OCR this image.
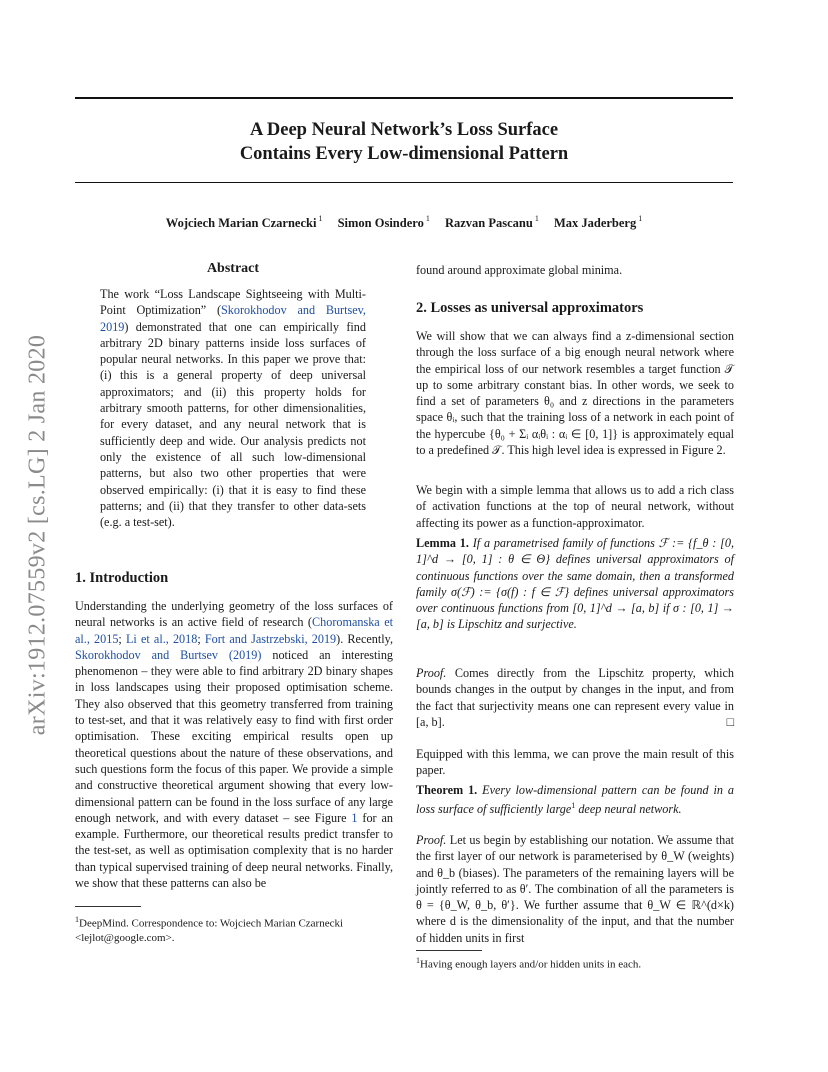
A Deep Neural Network’s Loss Surface
Contains Every Low-dimensional Pattern
Wojciech Marian Czarnecki $^1$ Simon Osindero $^1$ Razvan Pascanu $^1$ Max Jaderberg $^1$
arXiv:1912.07559v2 [cs.LG] 2 Jan 2020
Abstract

The work “Loss Landscape Sightseeing with Multi-Point Optimization” (Skorokhodov and Burtsev, 2019) demonstrated that one can empirically find arbitrary 2D binary patterns inside loss surfaces of popular neural networks. In this paper we prove that: (i) this is a general property of deep universal approximators; and (ii) this property holds for arbitrary smooth patterns, for other dimensionalities, for every dataset, and any neural network that is sufficiently deep and wide. Our analysis predicts not only the existence of all such low-dimensional patterns, but also two other properties that were observed empirically: (i) that it is easy to find these patterns; and (ii) that they transfer to other data-sets (e.g. a test-set).

1. Introduction

Understanding the underlying geometry of the loss surfaces of neural networks is an active field of research (Choromanska et al., 2015; Li et al., 2018; Fort and Jastrzebski, 2019). Recently, Skorokhodov and Burtsev (2019) noticed an interesting phenomenon – they were able to find arbitrary 2D binary shapes in loss landscapes using their proposed optimisation scheme. They also observed that this geometry transferred from training to test-set, and that it was relatively easy to find with first order optimisation. These exciting empirical results open up theoretical questions about the nature of these observations, and such questions form the focus of this paper. We provide a simple and constructive theoretical argument showing that every low-dimensional pattern can be found in the loss surface of any large enough network, and with every dataset – see Figure 1 for an example. Furthermore, our theoretical results predict transfer to the test-set, as well as optimisation complexity that is no harder than typical supervised training of deep neural networks. Finally, we show that these patterns can also be

$^1$DeepMind. Correspondence to: Wojciech Marian Czarnecki <lejlot@google.com>.
found around approximate global minima.
2. Losses as universal approximators
We will show that we can always find a z-dimensional section through the loss surface of a big enough neural network where the empirical loss of our network resembles a target function 𝒯 up to some arbitrary constant bias. In other words, we seek to find a set of parameters θ₀ and z directions in the parameters space θᵢ, such that the training loss of a network in each point of the hypercube {θ₀ + Σᵢ αᵢθᵢ : αᵢ ∈ [0, 1]} is approximately equal to a predefined 𝒯. This high level idea is expressed in Figure 2.
We begin with a simple lemma that allows us to add a rich class of activation functions at the top of neural network, without affecting its power as a function-approximator.

Lemma 1. If a parametrised family of functions ℱ := {f_θ : [0, 1]^d → [0, 1] : θ ∈ Θ} defines universal approximators of continuous functions over the same domain, then a transformed family σ(ℱ) := {σ(f) : f ∈ ℱ} defines universal approximators over continuous functions from [0, 1]^d → [a, b] if σ : [0, 1] → [a, b] is Lipschitz and surjective.

Proof. Comes directly from the Lipschitz property, which bounds changes in the output by changes in the input, and from the fact that surjectivity means one can represent every value in [a, b].	□

Equipped with this lemma, we can prove the main result of this paper.

Theorem 1. Every low-dimensional pattern can be found in a loss surface of sufficiently large$^1$ deep neural network.

Proof. Let us begin by establishing our notation. We assume that the first layer of our network is parameterised by θ_W (weights) and θ_b (biases). The parameters of the remaining layers will be jointly referred to as θ′. The combination of all the parameters is θ = {θ_W, θ_b, θ′}. We further assume that θ_W ∈ ℝ^(d×k) where d is the dimensionality of the input, and that the number of hidden units in first

$^1$Having enough layers and/or hidden units in each.
